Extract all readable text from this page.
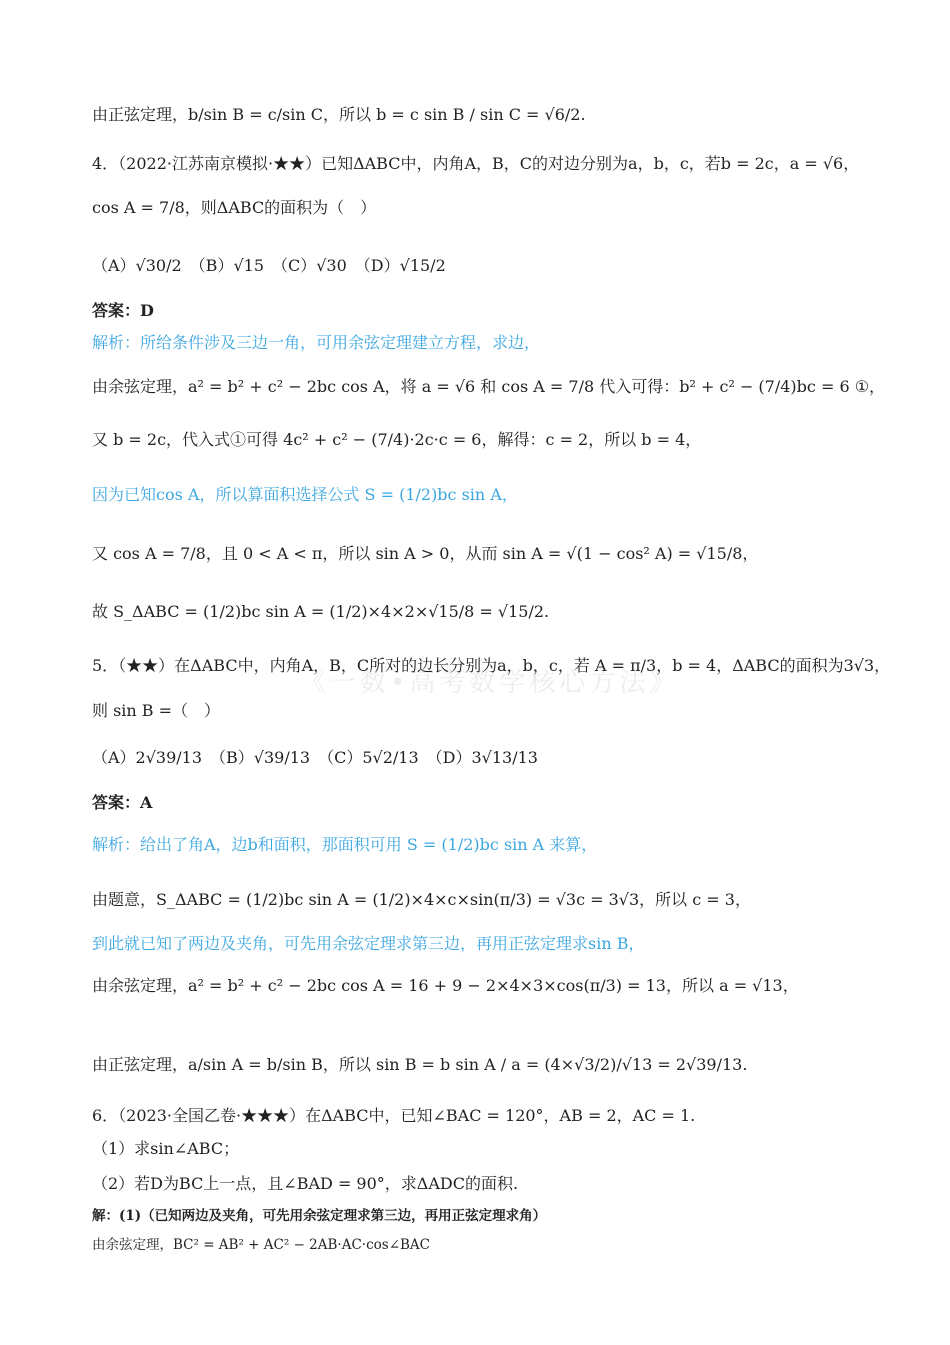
《一数•高考数学核心方法》
由正弦定理，b/sin B = c/sin C，所以 b = c sin B / sin C = √6/2.
4．（2022·江苏南京模拟·★★）已知ΔABC中，内角A，B，C的对边分别为a，b，c，若b = 2c，a = √6，
cos A = 7/8，则ΔABC的面积为（　）
（A）√30/2　（B）√15　（C）√30　（D）√15/2
答案：D
解析：所给条件涉及三边一角，可用余弦定理建立方程，求边，
由余弦定理，a² = b² + c² − 2bc cos A，将 a = √6 和 cos A = 7/8 代入可得：b² + c² − (7/4)bc = 6 ①，
又 b = 2c，代入式①可得 4c² + c² − (7/4)·2c·c = 6，解得：c = 2，所以 b = 4，
因为已知cos A，所以算面积选择公式 S = (1/2)bc sin A，
又 cos A = 7/8，且 0 < A < π，所以 sin A > 0，从而 sin A = √(1 − cos² A) = √15/8，
故 S_ΔABC = (1/2)bc sin A = (1/2)×4×2×√15/8 = √15/2.
5．（★★）在ΔABC中，内角A，B，C所对的边长分别为a，b，c，若 A = π/3，b = 4，ΔABC的面积为3√3，
则 sin B =（　）
（A）2√39/13　（B）√39/13　（C）5√2/13　（D）3√13/13
答案：A
解析：给出了角A，边b和面积，那面积可用 S = (1/2)bc sin A 来算，
由题意，S_ΔABC = (1/2)bc sin A = (1/2)×4×c×sin(π/3) = √3c = 3√3，所以 c = 3，
到此就已知了两边及夹角，可先用余弦定理求第三边，再用正弦定理求sin B，
由余弦定理，a² = b² + c² − 2bc cos A = 16 + 9 − 2×4×3×cos(π/3) = 13，所以 a = √13，
由正弦定理，a/sin A = b/sin B，所以 sin B = b sin A / a = (4×√3/2)/√13 = 2√39/13.
6．（2023·全国乙卷·★★★）在ΔABC中，已知∠BAC = 120°，AB = 2，AC = 1.
（1）求sin∠ABC；
（2）若D为BC上一点，且∠BAD = 90°，求ΔADC的面积.
解：(1)（已知两边及夹角，可先用余弦定理求第三边，再用正弦定理求角）
由余弦定理，BC² = AB² + AC² − 2AB·AC·cos∠BAC
